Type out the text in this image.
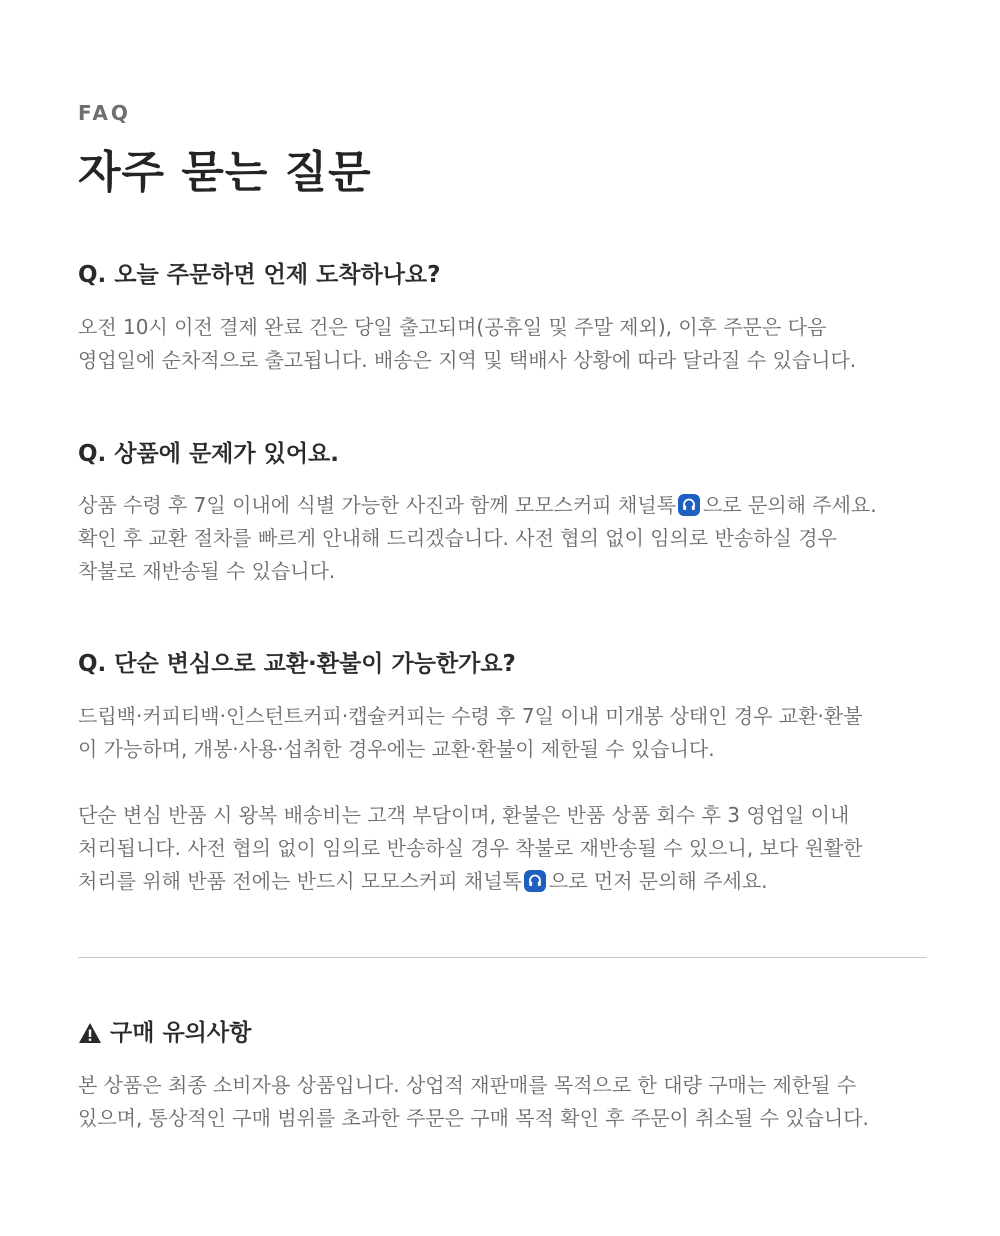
FAQ
자주 묻는 질문
Q. 오늘 주문하면 언제 도착하나요?
오전 10시 이전 결제 완료 건은 당일 출고되며(공휴일 및 주말 제외), 이후 주문은 다음
영업일에 순차적으로 출고됩니다. 배송은 지역 및 택배사 상황에 따라 달라질 수 있습니다.
Q. 상품에 문제가 있어요.
상품 수령 후 7일 이내에 식별 가능한 사진과 함께 모모스커피 채널톡 으로 문의해 주세요.
확인 후 교환 절차를 빠르게 안내해 드리겠습니다. 사전 협의 없이 임의로 반송하실 경우
착불로 재반송될 수 있습니다.
Q. 단순 변심으로 교환·환불이 가능한가요?
드립백·커피티백·인스턴트커피·캡슐커피는 수령 후 7일 이내 미개봉 상태인 경우 교환·환불
이 가능하며, 개봉·사용·섭취한 경우에는 교환·환불이 제한될 수 있습니다.
단순 변심 반품 시 왕복 배송비는 고객 부담이며, 환불은 반품 상품 회수 후 3 영업일 이내
처리됩니다. 사전 협의 없이 임의로 반송하실 경우 착불로 재반송될 수 있으니, 보다 원활한
처리를 위해 반품 전에는 반드시 모모스커피 채널톡 으로 먼저 문의해 주세요.
구매 유의사항
본 상품은 최종 소비자용 상품입니다. 상업적 재판매를 목적으로 한 대량 구매는 제한될 수
있으며, 통상적인 구매 범위를 초과한 주문은 구매 목적 확인 후 주문이 취소될 수 있습니다.
